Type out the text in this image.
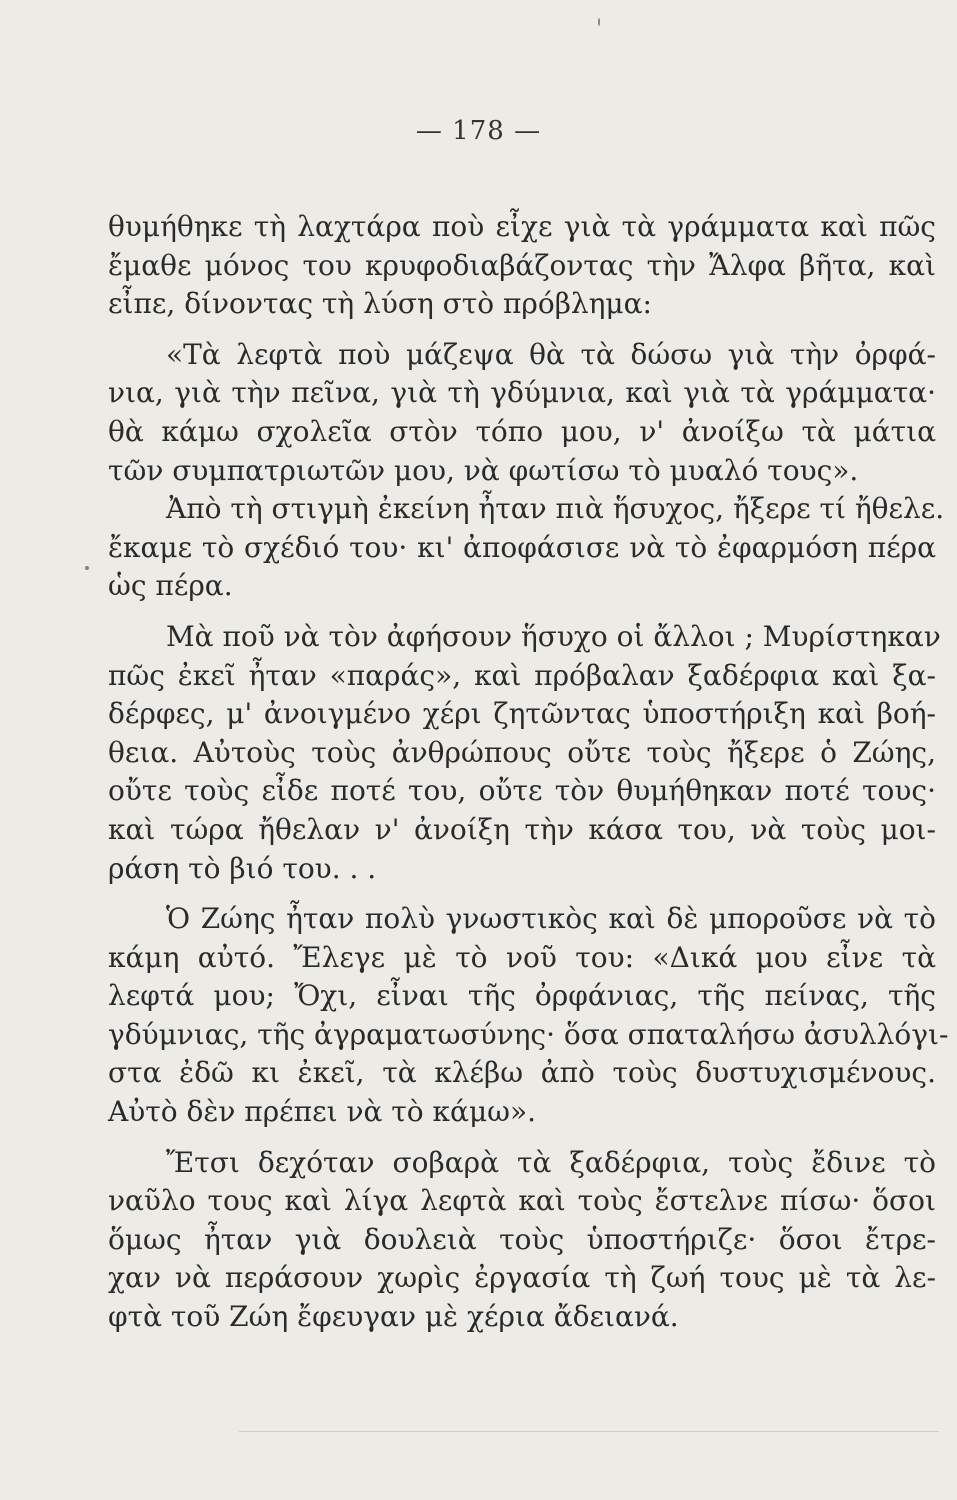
— 178 —
θυμήθηκε τὴ λαχτάρα ποὺ εἶχε γιὰ τὰ γράμματα καὶ πῶς
ἔμαθε μόνος του κρυφοδιαβάζοντας τὴν Ἄλφα βῆτα, καὶ
εἶπε, δίνοντας τὴ λύση στὸ πρόβλημα:
«Τὰ λεφτὰ ποὺ μάζεψα θὰ τὰ δώσω γιὰ τὴν ὀρφά-
νια, γιὰ τὴν πεῖνα, γιὰ τὴ γδύμνια, καὶ γιὰ τὰ γράμματα·
θὰ κάμω σχολεῖα στὸν τόπο μου, ν' ἀνοίξω τὰ μάτια
τῶν συμπατριωτῶν μου, νὰ φωτίσω τὸ μυαλό τους».
Ἀπὸ τὴ στιγμὴ ἐκείνη ἦταν πιὰ ἥσυχος, ἤξερε τί ἤθελε.
ἔκαμε τὸ σχέδιό του· κι' ἀποφάσισε νὰ τὸ ἐφαρμόση πέρα
ὡς πέρα.
Μὰ ποῦ νὰ τὸν ἀφήσουν ἥσυχο οἱ ἄλλοι ; Μυρίστηκαν
πῶς ἐκεῖ ἦταν «παράς», καὶ πρόβαλαν ξαδέρφια καὶ ξα-
δέρφες, μ' ἀνοιγμένο χέρι ζητῶντας ὑποστήριξη καὶ βοή-
θεια. Αὐτοὺς τοὺς ἀνθρώπους οὔτε τοὺς ἤξερε ὁ Ζώης,
οὔτε τοὺς εἶδε ποτέ του, οὔτε τὸν θυμήθηκαν ποτέ τους·
καὶ τώρα ἤθελαν ν' ἀνοίξη τὴν κάσα του, νὰ τοὺς μοι-
ράση τὸ βιό του. . .
Ὁ Ζώης ἦταν πολὺ γνωστικὸς καὶ δὲ μποροῦσε νὰ τὸ
κάμη αὐτό. Ἔλεγε μὲ τὸ νοῦ του: «Δικά μου εἶνε τὰ
λεφτά μου; Ὄχι, εἶναι τῆς ὀρφάνιας, τῆς πείνας, τῆς
γδύμνιας, τῆς ἀγραματωσύνης· ὅσα σπαταλήσω ἀσυλλόγι-
στα ἐδῶ κι ἐκεῖ, τὰ κλέβω ἀπὸ τοὺς δυστυχισμένους.
Αὐτὸ δὲν πρέπει νὰ τὸ κάμω».
Ἔτσι δεχόταν σοβαρὰ τὰ ξαδέρφια, τοὺς ἔδινε τὸ
ναῦλο τους καὶ λίγα λεφτὰ καὶ τοὺς ἔστελνε πίσω· ὅσοι
ὅμως ἦταν γιὰ δουλειὰ τοὺς ὑποστήριζε· ὅσοι ἔτρε-
χαν νὰ περάσουν χωρὶς ἐργασία τὴ ζωή τους μὲ τὰ λε-
φτὰ τοῦ Ζώη ἔφευγαν μὲ χέρια ἄδειανά.
